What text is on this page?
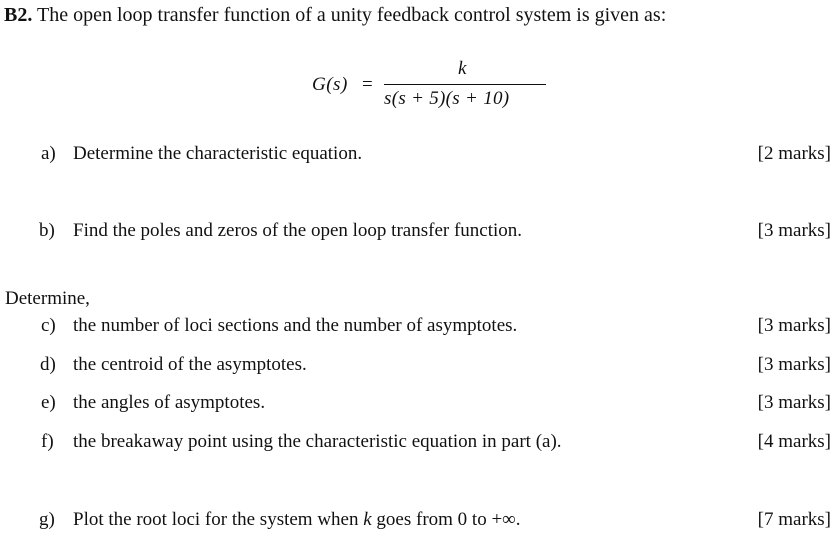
B2. The open loop transfer function of a unity feedback control system is given as:
G(s) =
k
s(s + 5)(s + 10)
a) Determine the characteristic equation.	[2 marks]
b) Find the poles and zeros of the open loop transfer function.	[3 marks]
Determine,
c) the number of loci sections and the number of asymptotes.	[3 marks]
d) the centroid of the asymptotes.	[3 marks]
e) the angles of asymptotes.	[3 marks]
f) the breakaway point using the characteristic equation in part (a).	[4 marks]
g) Plot the root loci for the system when k goes from 0 to +∞.	[7 marks]
